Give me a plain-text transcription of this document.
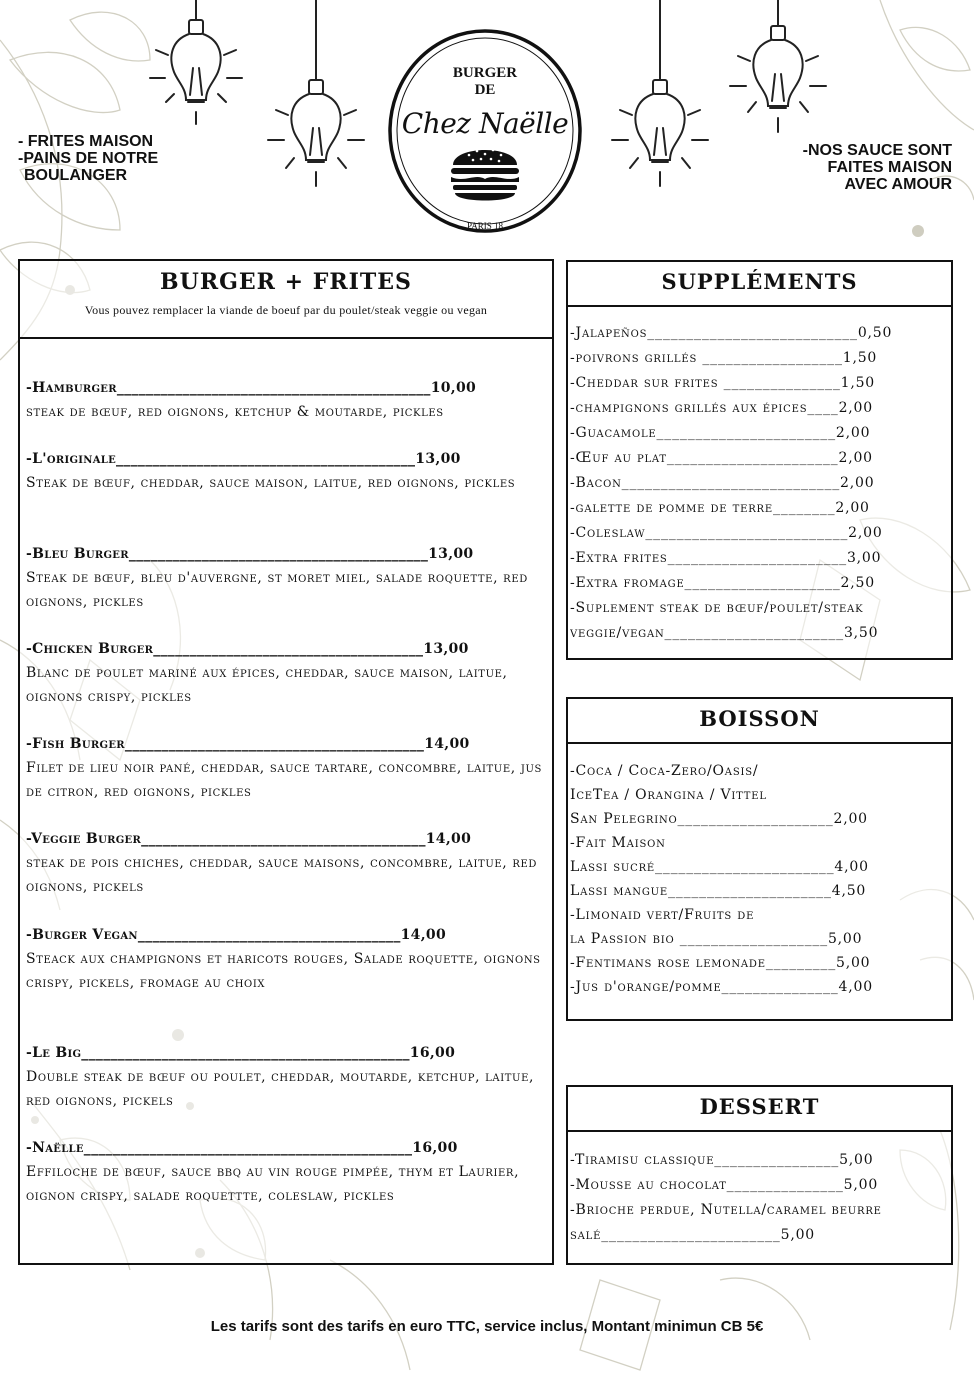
- FRITES MAISON
-PAINS DE NOTRE
BOULANGER
-NOS SAUCE SONT
FAITES MAISON
AVEC AMOUR
BURGER
DE
Chez Naëlle
PARIS 18
BURGER + FRITES
Vous pouvez remplacer la viande de boeuf par du poulet/steak veggie ou vegan
-Hamburger___________________________________________10,00
steak de bœuf, red oignons, ketchup & moutarde, pickles
-L'originale_________________________________________13,00
Steak de bœuf, cheddar, sauce maison, laitue, red oignons, pickles
-Bleu Burger_________________________________________13,00
Steak de bœuf, bleu d'auvergne, st moret miel, salade roquette, red oignons, pickles
-Chicken Burger_____________________________________13,00
Blanc de poulet mariné aux épices, cheddar, sauce maison, laitue, oignons crispy, pickles
-Fish Burger_________________________________________14,00
Filet de lieu noir pané, cheddar, sauce tartare, concombre, laitue, jus de citron, red oignons, pickles
-Veggie Burger_______________________________________14,00
steak de pois chiches, cheddar, sauce maisons, concombre, laitue, red oignons, pickels
-Burger Vegan____________________________________14,00
Steack aux champignons et haricots rouges, Salade roquette, oignons crispy, pickels, fromage au choix
-Le Big_____________________________________________16,00
Double steak de bœuf ou poulet, cheddar, moutarde, ketchup, laitue, red oignons, pickels
-Naëlle_____________________________________________16,00
Effiloche de bœuf, sauce bbq au vin rouge pimpée, thym et Laurier, oignon crispy, salade roquettte, coleslaw, pickles
SUPPLÉMENTS
-Jalapeños___________________________0,50
-poivrons grillés __________________1,50
-Cheddar sur frites _______________1,50
-champignons grillés aux épices____2,00
-Guacamole_______________________2,00
-Œuf au plat______________________2,00
-Bacon____________________________2,00
-galette de pomme de terre________2,00
-Coleslaw__________________________2,00
-Extra frites_______________________3,00
-Extra fromage____________________2,50
-Suplement steak de bœuf/poulet/steak veggie/vegan_______________________3,50
BOISSON
-Coca / Coca-Zero/Oasis/
IceTea / Orangina / Vittel
San Pelegrino____________________2,00
-Fait Maison
Lassi sucré_______________________4,00
Lassi mangue_____________________4,50
-Limonaid vert/Fruits de
la Passion bio ___________________5,00
-Fentimans rose lemonade_________5,00
-Jus d'orange/pomme_______________4,00
DESSERT
-Tiramisu classique________________5,00
-Mousse au chocolat_______________5,00
-Brioche perdue, Nutella/caramel beurre salé_______________________5,00
Les tarifs sont des tarifs en euro TTC, service inclus, Montant minimun CB 5€
